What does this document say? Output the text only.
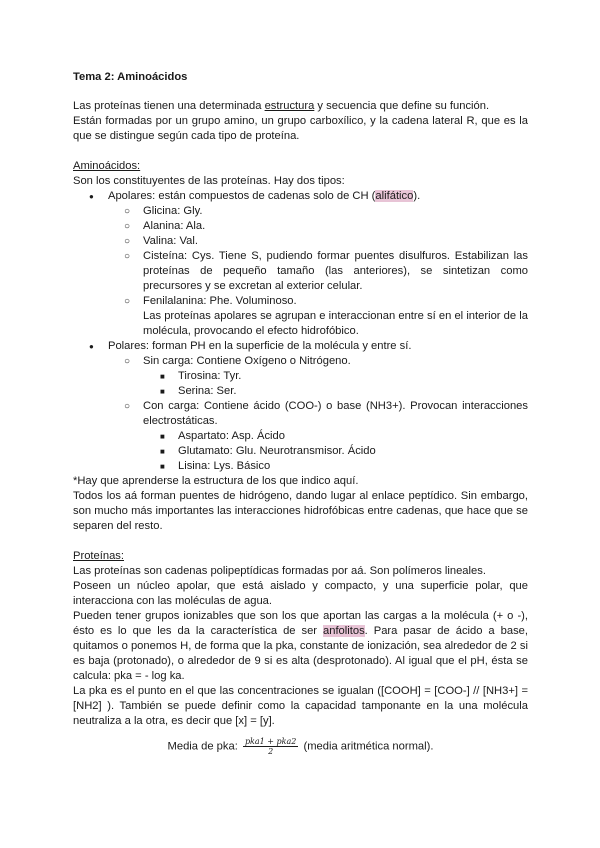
Tema 2: Aminoácidos

Las proteínas tienen una determinada estructura y secuencia que define su función.

Están formadas por un grupo amino, un grupo carboxílico, y la cadena lateral R, que es la que se distingue según cada tipo de proteína.

Aminoácidos:

Son los constituyentes de las proteínas. Hay dos tipos:

● Apolares: están compuestos de cadenas solo de CH (alifático).
○ Glicina: Gly.
○ Alanina: Ala.
○ Valina: Val.
○ Cisteína: Cys. Tiene S, pudiendo formar puentes disulfuros. Estabilizan las proteínas de pequeño tamaño (las anteriores), se sintetizan como precursores y se excretan al exterior celular.
○ Fenilalanina: Phe. Voluminoso.

Las proteínas apolares se agrupan e interaccionan entre sí en el interior de la molécula, provocando el efecto hidrofóbico.

● Polares: forman PH en la superficie de la molécula y entre sí.
○ Sin carga: Contiene Oxígeno o Nitrógeno.
■ Tirosina: Tyr.
■ Serina: Ser.
○ Con carga: Contiene ácido (COO-) o base (NH3+). Provocan interacciones electrostáticas.
■ Aspartato: Asp. Ácido
■ Glutamato: Glu. Neurotransmisor. Ácido
■ Lisina: Lys. Básico

*Hay que aprenderse la estructura de los que indico aquí.

Todos los aá forman puentes de hidrógeno, dando lugar al enlace peptídico. Sin embargo, son mucho más importantes las interacciones hidrofóbicas entre cadenas, que hace que se separen del resto.

Proteínas:

Las proteínas son cadenas polipeptídicas formadas por aá. Son polímeros lineales.

Poseen un núcleo apolar, que está aislado y compacto, y una superficie polar, que interacciona con las moléculas de agua.

Pueden tener grupos ionizables que son los que aportan las cargas a la molécula (+ o -), ésto es lo que les da la característica de ser anfolitos. Para pasar de ácido a base, quitamos o ponemos H, de forma que la pka, constante de ionización, sea alrededor de 2 si es baja (protonado), o alrededor de 9 si es alta (desprotonado). Al igual que el pH, ésta se calcula: pka = - log ka.

La pka es el punto en el que las concentraciones se igualan ([COOH] = [COO-] // [NH3+] = [NH2] ). También se puede definir como la capacidad tamponante en la una molécula neutraliza a la otra, es decir que [x] = [y].

Media de pka: $\frac{\text{pka1 + pka2}}{2}$ (media aritmética normal).
